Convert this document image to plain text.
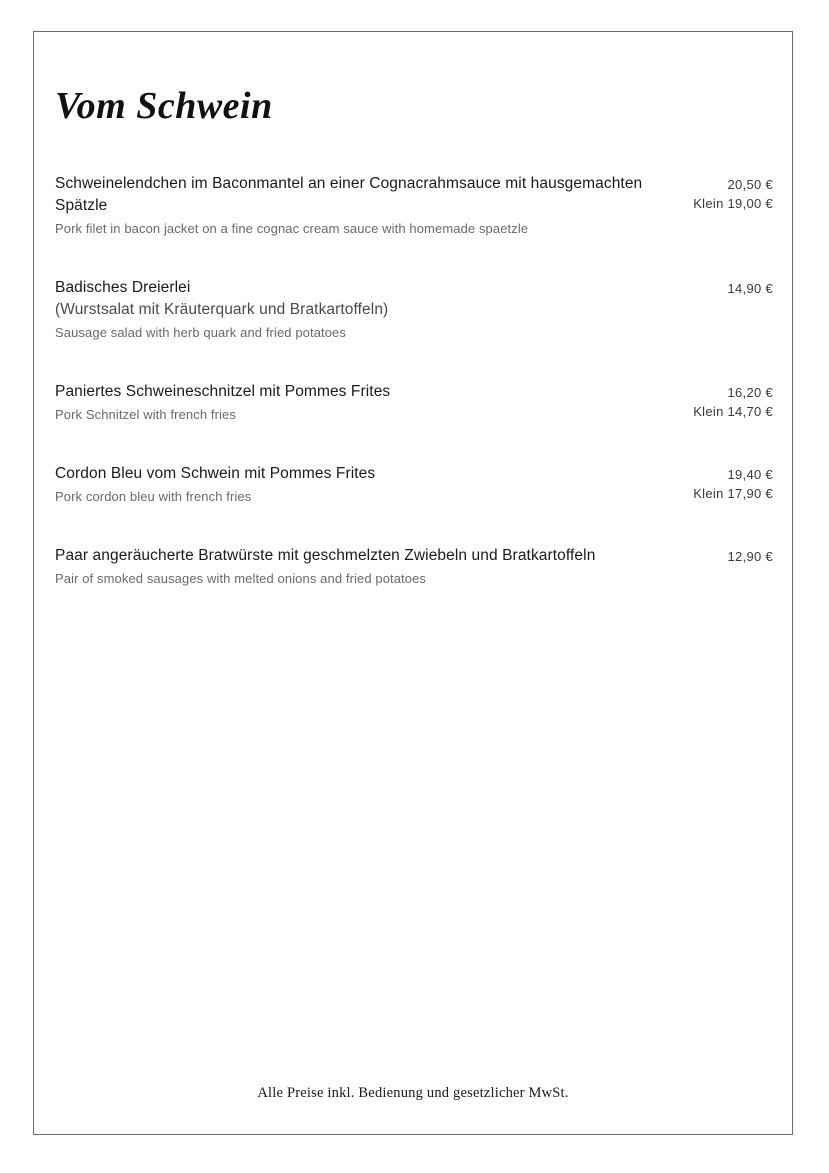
Vom Schwein
Schweinelendchen im Baconmantel an einer Cognacrahmsauce mit hausgemachten Spätzle
Pork filet in bacon jacket on a fine cognac cream sauce with homemade spaetzle
20,50 €
Klein 19,00 €
Badisches Dreierlei
(Wurstsalat mit Kräuterquark und Bratkartoffeln)
Sausage salad with herb quark and fried potatoes
14,90 €
Paniertes Schweineschnitzel mit Pommes Frites
Pork Schnitzel with french fries
16,20 €
Klein 14,70 €
Cordon Bleu vom Schwein mit Pommes Frites
Pork cordon bleu with french fries
19,40 €
Klein 17,90 €
Paar angeräucherte Bratwürste mit geschmelzten Zwiebeln und Bratkartoffeln
Pair of smoked sausages with melted onions and fried potatoes
12,90 €
Alle Preise inkl. Bedienung und gesetzlicher MwSt.
